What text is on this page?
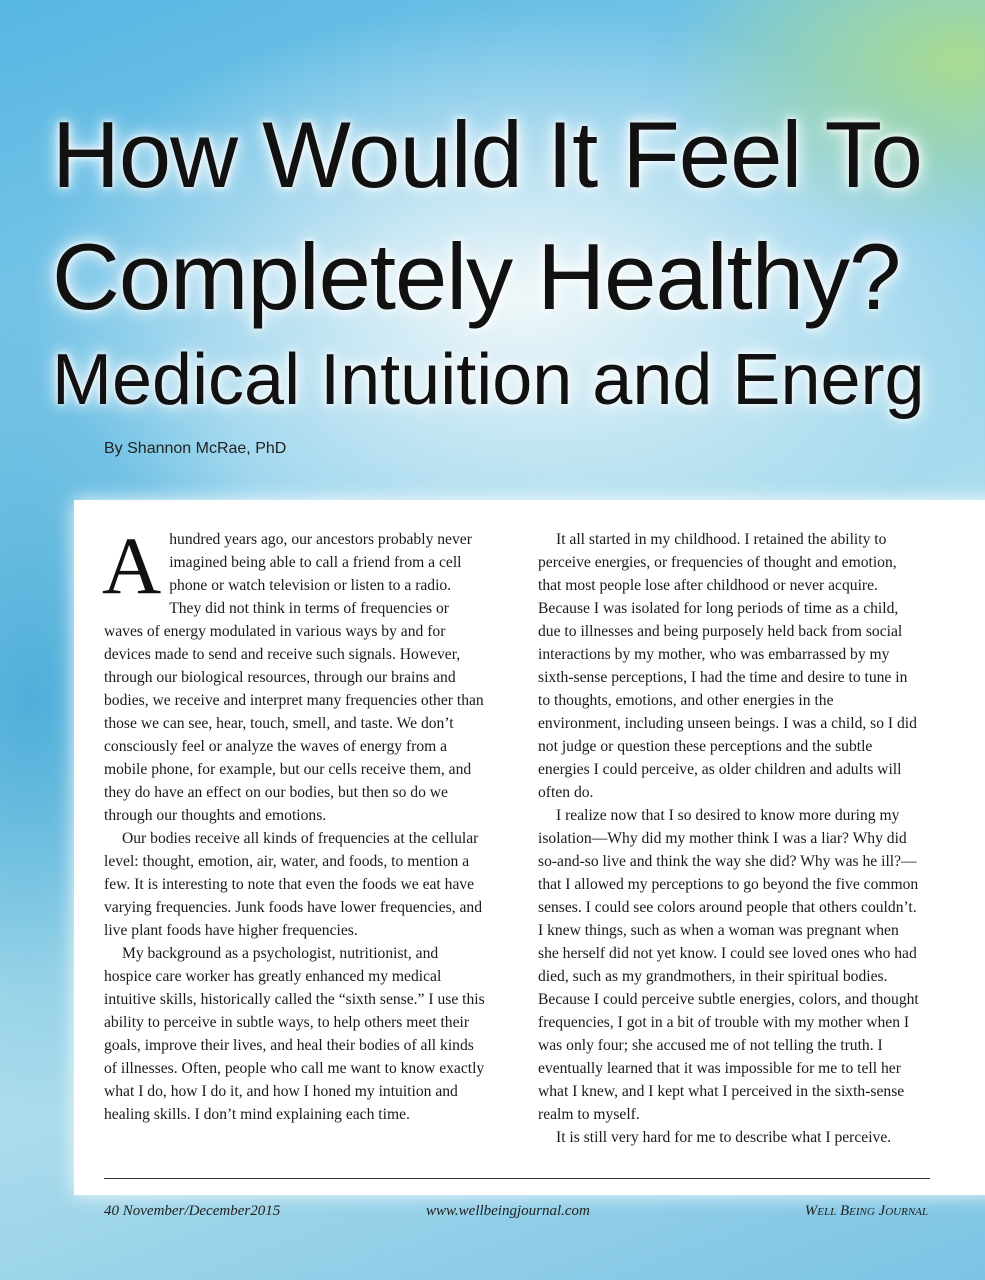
How Would It Feel To
Completely Healthy?
Medical Intuition and Energ
By Shannon McRae, PhD

Ahundred years ago, our ancestors probably never imagined being able to call a friend from a cell phone or watch television or listen to a radio. They did not think in terms of frequencies or waves of energy modulated in various ways by and for devices made to send and receive such signals. However, through our biological resources, through our brains and bodies, we receive and interpret many frequencies other than those we can see, hear, touch, smell, and taste. We don’t consciously feel or analyze the waves of energy from a mobile phone, for example, but our cells receive them, and they do have an effect on our bodies, but then so do we through our thoughts and emotions.

Our bodies receive all kinds of frequencies at the cellular level: thought, emotion, air, water, and foods, to mention a few. It is interesting to note that even the foods we eat have varying frequencies. Junk foods have lower frequencies, and live plant foods have higher frequencies.

My background as a psychologist, nutritionist, and hospice care worker has greatly enhanced my medical intuitive skills, historically called the “sixth sense.” I use this ability to perceive in subtle ways, to help others meet their goals, improve their lives, and heal their bodies of all kinds of illnesses. Often, people who call me want to know exactly what I do, how I do it, and how I honed my intuition and healing skills. I don’t mind explaining each time.

It all started in my childhood. I retained the ability to perceive energies, or frequencies of thought and emotion, that most people lose after childhood or never acquire. Because I was isolated for long periods of time as a child, due to illnesses and being purposely held back from social interactions by my mother, who was embarrassed by my sixth-sense perceptions, I had the time and desire to tune in to thoughts, emotions, and other energies in the environment, including unseen beings. I was a child, so I did not judge or question these perceptions and the subtle energies I could perceive, as older children and adults will often do.

I realize now that I so desired to know more during my isolation—Why did my mother think I was a liar? Why did so-and-so live and think the way she did? Why was he ill?—that I allowed my perceptions to go beyond the five common senses. I could see colors around people that others couldn’t. I knew things, such as when a woman was pregnant when she herself did not yet know. I could see loved ones who had died, such as my grandmothers, in their spiritual bodies. Because I could perceive subtle energies, colors, and thought frequencies, I got in a bit of trouble with my mother when I was only four; she accused me of not telling the truth. I eventually learned that it was impossible for me to tell her what I knew, and I kept what I perceived in the sixth-sense realm to myself.

It is still very hard for me to describe what I perceive.

40 November/December2015	www.wellbeingjournal.com	Well Being Journal
